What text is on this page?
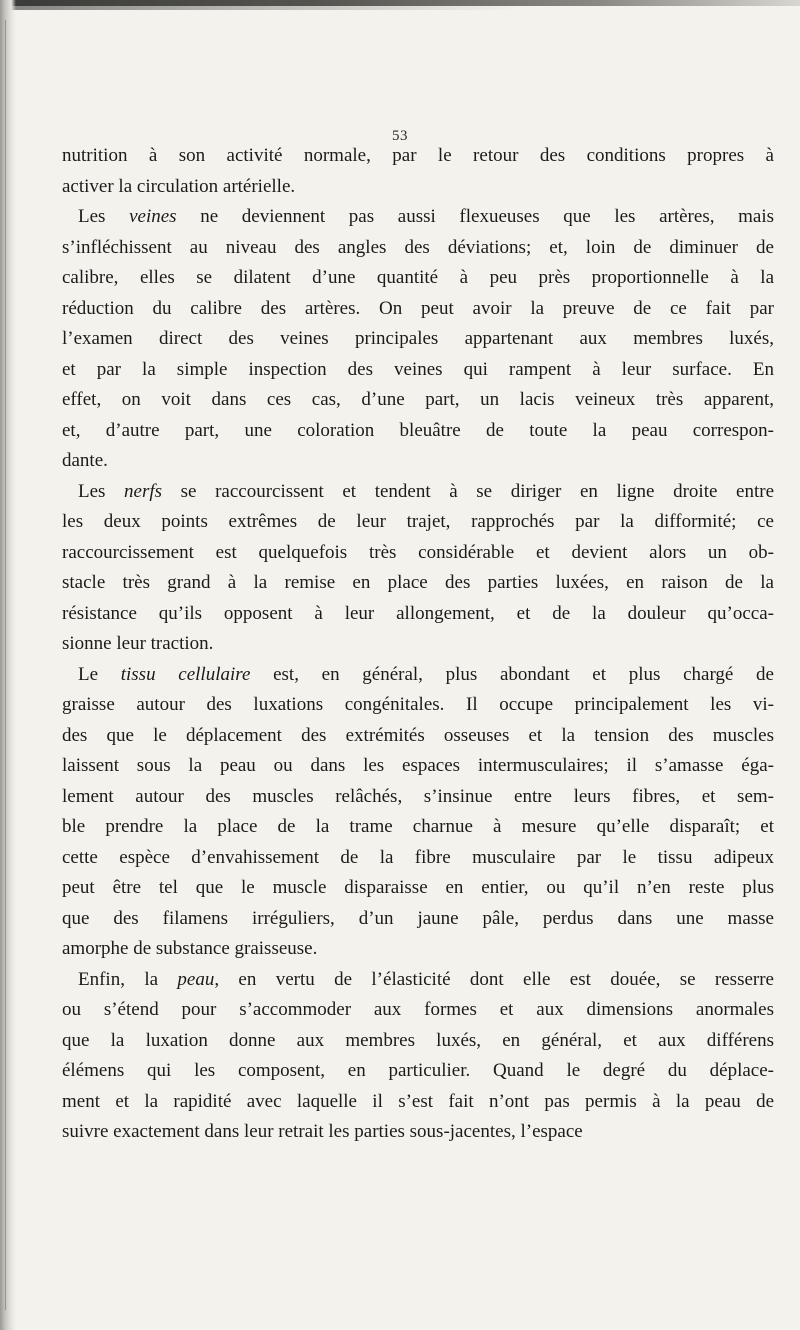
53
nutrition à son activité normale, par le retour des conditions propres à
activer la circulation artérielle.
Les veines ne deviennent pas aussi flexueuses que les artères, mais
s’infléchissent au niveau des angles des déviations; et, loin de diminuer de
calibre, elles se dilatent d’une quantité à peu près proportionnelle à la
réduction du calibre des artères. On peut avoir la preuve de ce fait par
l’examen direct des veines principales appartenant aux membres luxés,
et par la simple inspection des veines qui rampent à leur surface. En
effet, on voit dans ces cas, d’une part, un lacis veineux très apparent,
et, d’autre part, une coloration bleuâtre de toute la peau correspon-
dante.
Les nerfs se raccourcissent et tendent à se diriger en ligne droite entre
les deux points extrêmes de leur trajet, rapprochés par la difformité; ce
raccourcissement est quelquefois très considérable et devient alors un ob-
stacle très grand à la remise en place des parties luxées, en raison de la
résistance qu’ils opposent à leur allongement, et de la douleur qu’occa-
sionne leur traction.
Le tissu cellulaire est, en général, plus abondant et plus chargé de
graisse autour des luxations congénitales. Il occupe principalement les vi-
des que le déplacement des extrémités osseuses et la tension des muscles
laissent sous la peau ou dans les espaces intermusculaires; il s’amasse éga-
lement autour des muscles relâchés, s’insinue entre leurs fibres, et sem-
ble prendre la place de la trame charnue à mesure qu’elle disparaît; et
cette espèce d’envahissement de la fibre musculaire par le tissu adipeux
peut être tel que le muscle disparaisse en entier, ou qu’il n’en reste plus
que des filamens irréguliers, d’un jaune pâle, perdus dans une masse
amorphe de substance graisseuse.
Enfin, la peau, en vertu de l’élasticité dont elle est douée, se resserre
ou s’étend pour s’accommoder aux formes et aux dimensions anormales
que la luxation donne aux membres luxés, en général, et aux différens
élémens qui les composent, en particulier. Quand le degré du déplace-
ment et la rapidité avec laquelle il s’est fait n’ont pas permis à la peau de
suivre exactement dans leur retrait les parties sous-jacentes, l’espace
